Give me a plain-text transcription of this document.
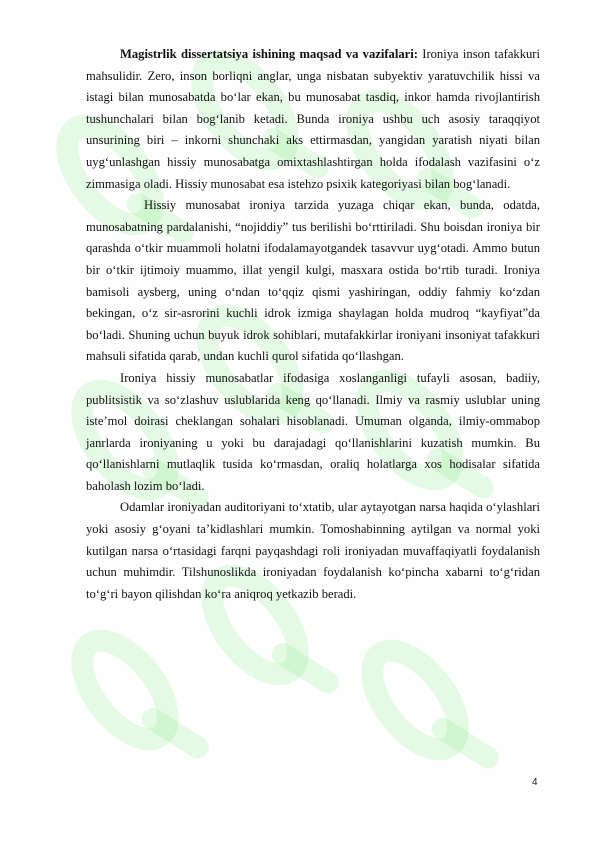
Magistrlik dissertatsiya ishining maqsad va vazifalari: Ironiya inson tafakkuri mahsulidir. Zero, inson borliqni anglar, unga nisbatan subyektiv yaratuvchilik hissi va istagi bilan munosabatda bo‘lar ekan, bu munosabat tasdiq, inkor hamda rivojlantirish tushunchalari bilan bog‘lanib ketadi. Bunda ironiya ushbu uch asosiy taraqqiyot unsurining biri – inkorni shunchaki aks ettirmasdan, yangidan yaratish niyati bilan uyg‘unlashgan hissiy munosabatga omixtashlashtirgan holda ifodalash vazifasini o‘z zimmasiga oladi. Hissiy munosabat esa istehzo psixik kategoriyasi bilan bog‘lanadi.

Hissiy munosabat ironiya tarzida yuzaga chiqar ekan, bunda, odatda, munosabatning pardalanishi, “nojiddiy” tus berilishi bo‘rttiriladi. Shu boisdan ironiya bir qarashda o‘tkir muammoli holatni ifodalamayotgandek tasavvur uyg‘otadi. Ammo butun bir o‘tkir ijtimoiy muammo, illat yengil kulgi, masxara ostida bo‘rtib turadi. Ironiya bamisoli aysberg, uning o‘ndan to‘qqiz qismi yashiringan, oddiy fahmiy ko‘zdan bekingan, o‘z sir-asrorini kuchli idrok izmiga shaylagan holda mudroq “kayfiyat”da bo‘ladi. Shuning uchun buyuk idrok sohiblari, mutafakkirlar ironiyani insoniyat tafakkuri mahsuli sifatida qarab, undan kuchli qurol sifatida qo‘llashgan.

Ironiya hissiy munosabatlar ifodasiga xoslanganligi tufayli asosan, badiiy, publitsistik va so‘zlashuv uslublarida keng qo‘llanadi. Ilmiy va rasmiy uslublar uning iste’mol doirasi cheklangan sohalari hisoblanadi. Umuman olganda, ilmiy-ommabop janrlarda ironiyaning u yoki bu darajadagi qo‘llanishlarini kuzatish mumkin. Bu qo‘llanishlarni mutlaqlik tusida ko‘rmasdan, oraliq holatlarga xos hodisalar sifatida baholash lozim bo‘ladi.

Odamlar ironiyadan auditoriyani to‘xtatib, ular aytayotgan narsa haqida o‘ylashlari yoki asosiy g‘oyani ta’kidlashlari mumkin. Tomoshabinning aytilgan va normal yoki kutilgan narsa o‘rtasidagi farqni payqashdagi roli ironiyadan muvaffaqiyatli foydalanish uchun muhimdir. Tilshunoslikda ironiyadan foydalanish ko‘pincha xabarni to‘g‘ridan to‘g‘ri bayon qilishdan ko‘ra aniqroq yetkazib beradi.

4
